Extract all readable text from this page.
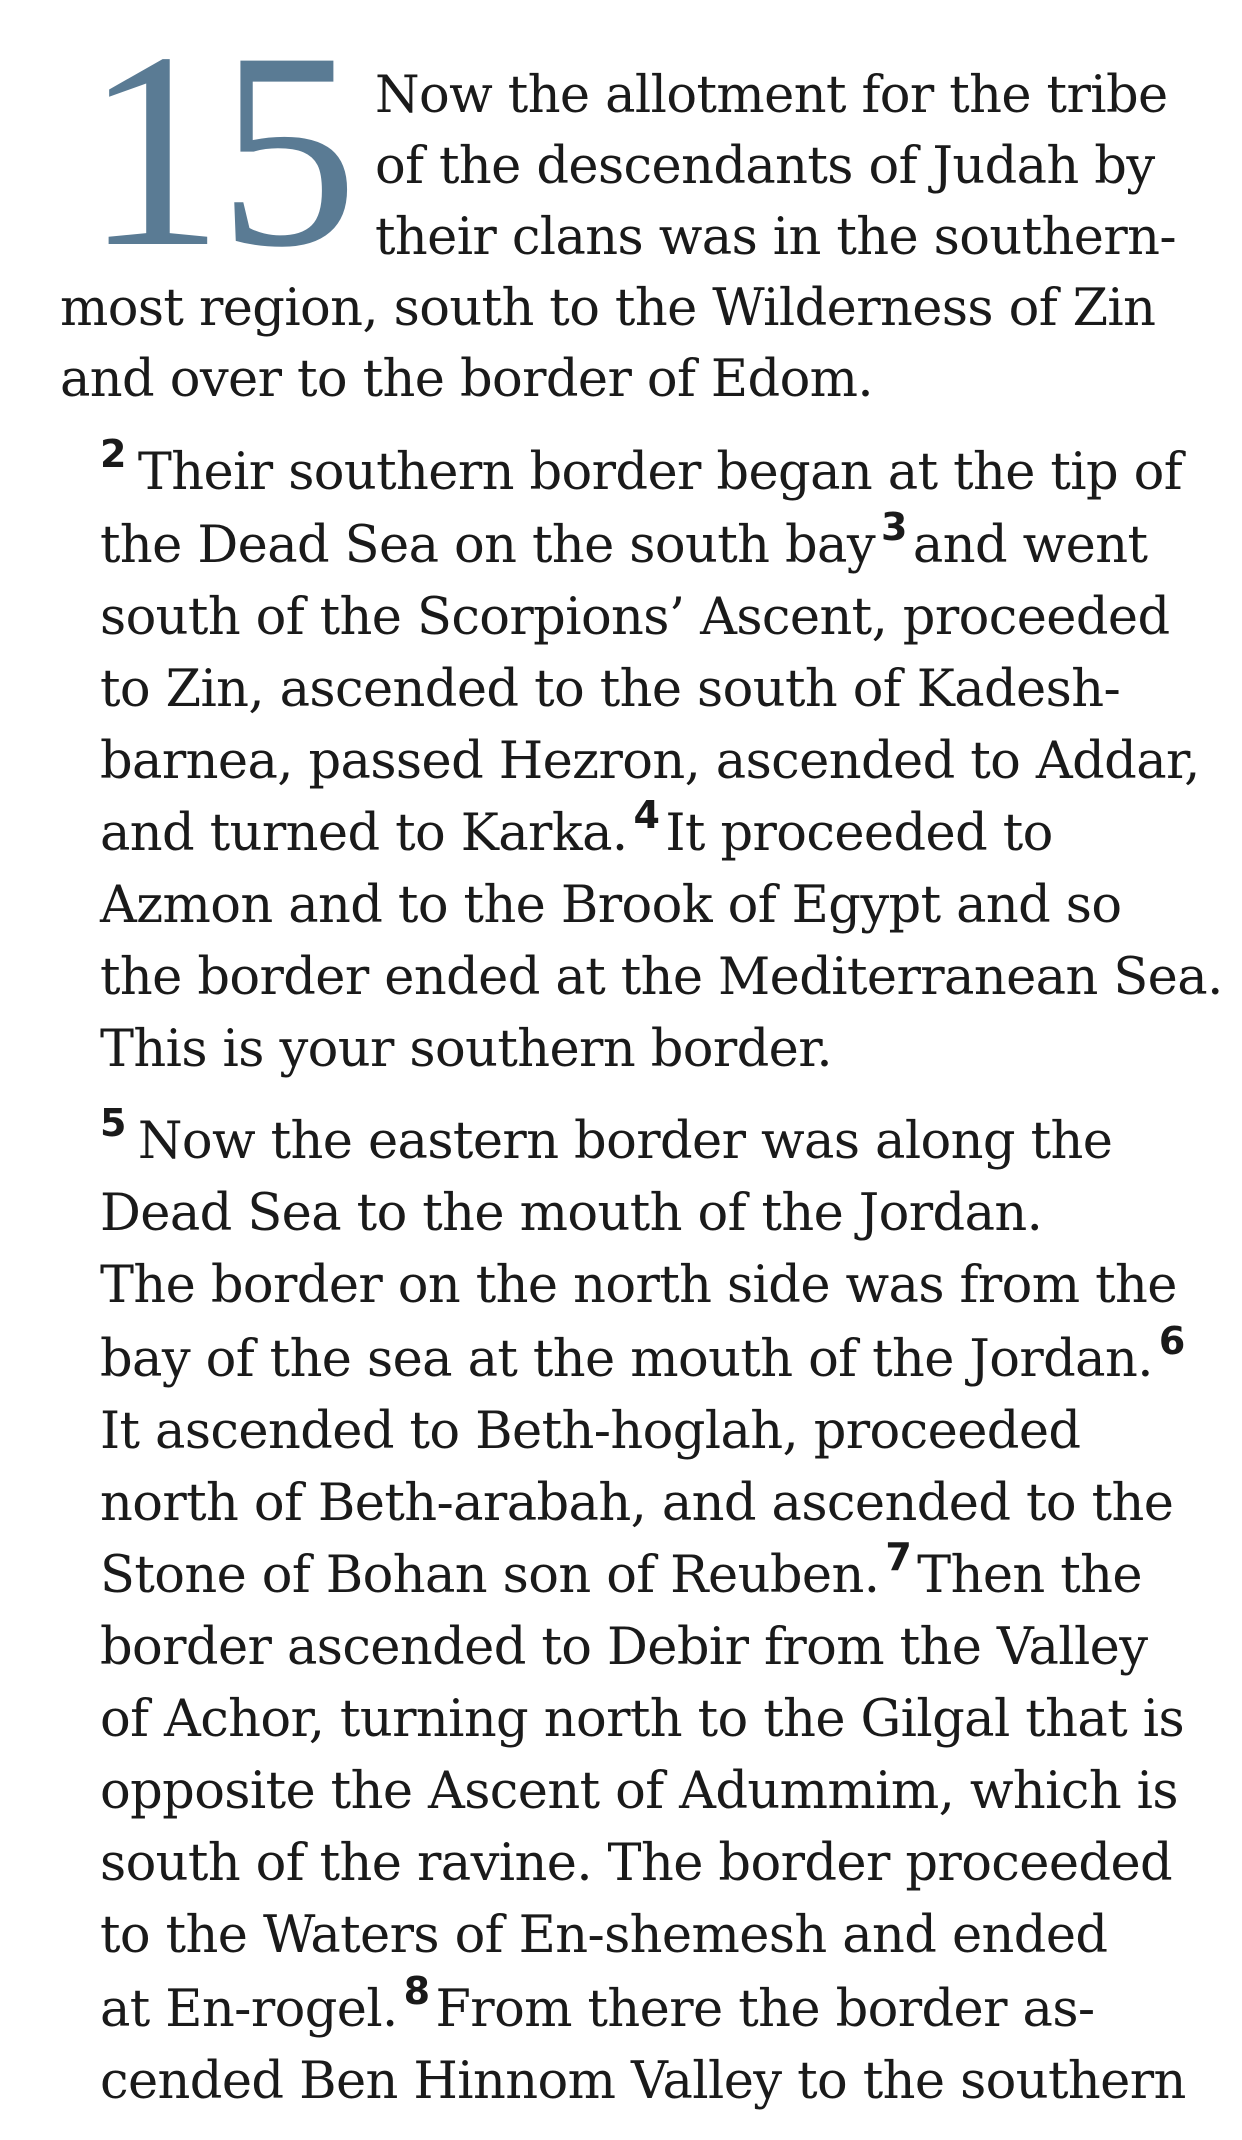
15 Now the allotment for the tribe
of the descendants of Judah by
their clans was in the southern-
most region, south to the Wilderness of Zin
and over to the border of Edom.
$^2$ Their southern border began at the tip of
the Dead Sea on the south bay $^3$ and went
south of the Scorpions’ Ascent, proceeded
to Zin, ascended to the south of Kadesh-
barnea, passed Hezron, ascended to Addar,
and turned to Karka. $^4$ It proceeded to
Azmon and to the Brook of Egypt and so
the border ended at the Mediterranean Sea.
This is your southern border.
$^5$ Now the eastern border was along the
Dead Sea to the mouth of the Jordan.
The border on the north side was from the
bay of the sea at the mouth of the Jordan. $^6$
It ascended to Beth-hoglah, proceeded
north of Beth-arabah, and ascended to the
Stone of Bohan son of Reuben. $^7$ Then the
border ascended to Debir from the Valley
of Achor, turning north to the Gilgal that is
opposite the Ascent of Adummim, which is
south of the ravine. The border proceeded
to the Waters of En-shemesh and ended
at En-rogel. $^8$ From there the border as-
cended Ben Hinnom Valley to the southern
